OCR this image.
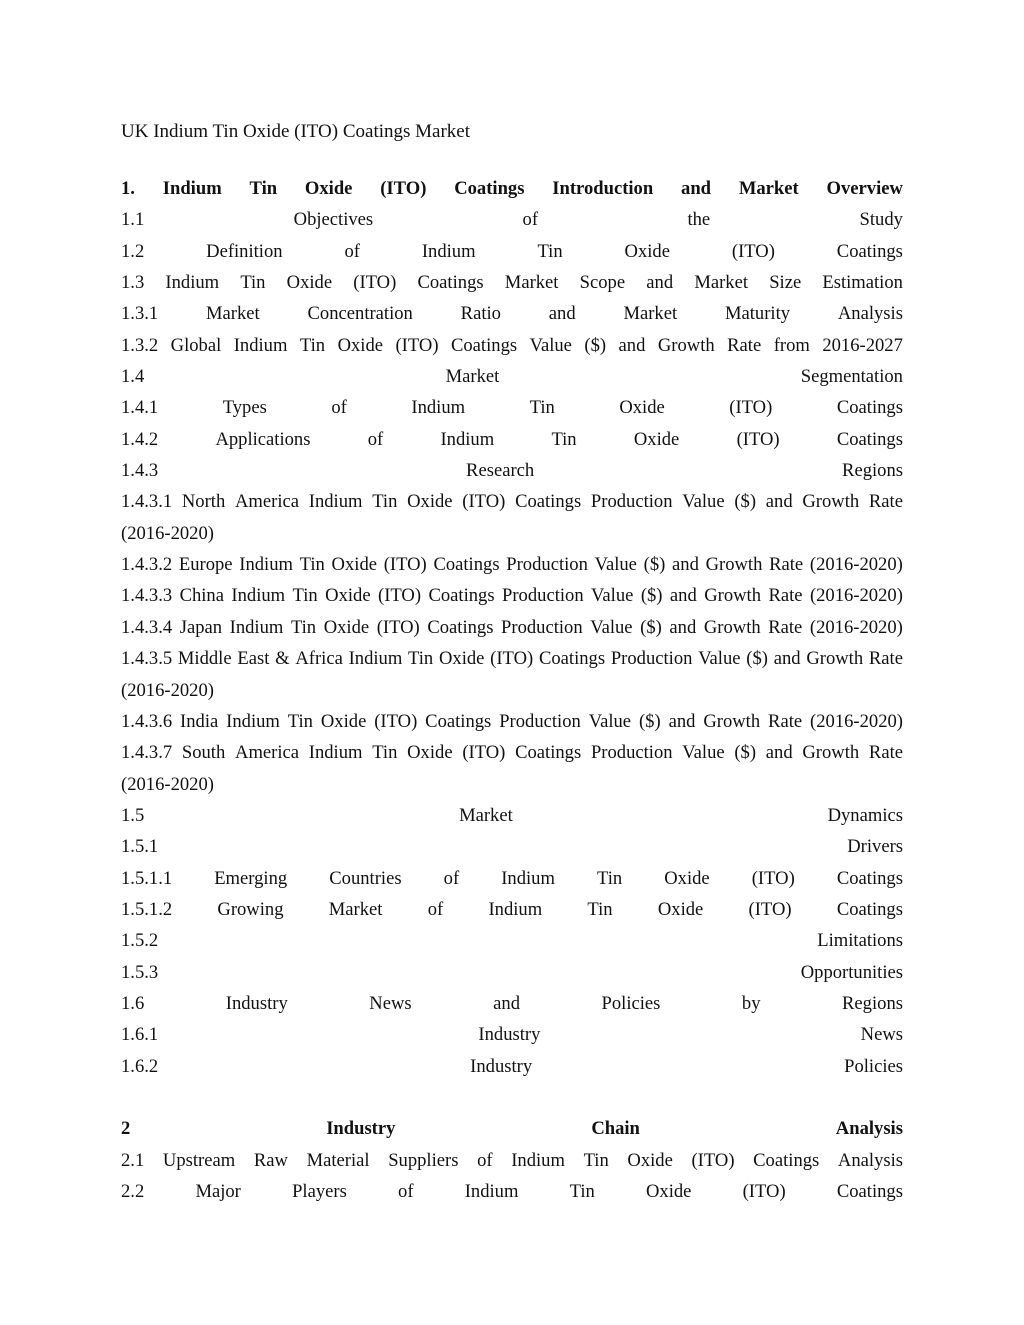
UK Indium Tin Oxide (ITO) Coatings Market
1. Indium Tin Oxide (ITO) Coatings Introduction and Market Overview
1.1	Objectives	of	the	Study
1.2	Definition	of	Indium	Tin	Oxide	(ITO)	Coatings
1.3 Indium Tin Oxide (ITO) Coatings Market Scope and Market Size Estimation
1.3.1	Market	Concentration	Ratio	and	Market	Maturity	Analysis
1.3.2 Global Indium Tin Oxide (ITO) Coatings Value ($) and Growth Rate from 2016-2027
1.4	Market	Segmentation
1.4.1	Types	of	Indium	Tin	Oxide	(ITO)	Coatings
1.4.2	Applications	of	Indium	Tin	Oxide	(ITO)	Coatings
1.4.3	Research	Regions
1.4.3.1 North America Indium Tin Oxide (ITO) Coatings Production Value ($) and Growth Rate
(2016-2020)
1.4.3.2 Europe Indium Tin Oxide (ITO) Coatings Production Value ($) and Growth Rate (2016-2020)
1.4.3.3 China Indium Tin Oxide (ITO) Coatings Production Value ($) and Growth Rate (2016-2020)
1.4.3.4 Japan Indium Tin Oxide (ITO) Coatings Production Value ($) and Growth Rate (2016-2020)
1.4.3.5 Middle East & Africa Indium Tin Oxide (ITO) Coatings Production Value ($) and Growth Rate
(2016-2020)
1.4.3.6 India Indium Tin Oxide (ITO) Coatings Production Value ($) and Growth Rate (2016-2020)
1.4.3.7 South America Indium Tin Oxide (ITO) Coatings Production Value ($) and Growth Rate
(2016-2020)
1.5	Market	Dynamics
1.5.1	Drivers
1.5.1.1 Emerging Countries of Indium Tin Oxide (ITO) Coatings
1.5.1.2 Growing Market of Indium Tin Oxide (ITO) Coatings
1.5.2	Limitations
1.5.3	Opportunities
1.6	Industry	News	and	Policies	by	Regions
1.6.1	Industry	News
1.6.2	Industry	Policies
2	Industry	Chain	Analysis
2.1 Upstream Raw Material Suppliers of Indium Tin Oxide (ITO) Coatings Analysis
2.2	Major	Players	of	Indium	Tin	Oxide	(ITO)	Coatings
